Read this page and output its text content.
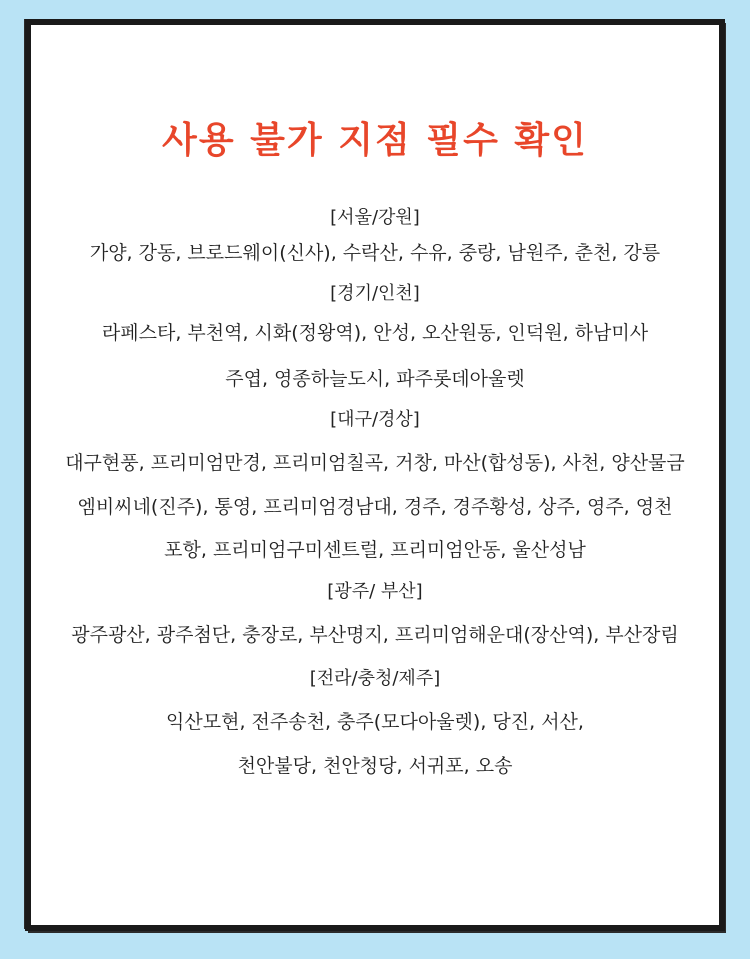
사용 불가 지점 필수 확인
[서울/강원]
가양, 강동, 브로드웨이(신사), 수락산, 수유, 중랑, 남원주, 춘천, 강릉
[경기/인천]
라페스타, 부천역, 시화(정왕역), 안성, 오산원동, 인덕원, 하남미사
주엽, 영종하늘도시, 파주롯데아울렛
[대구/경상]
대구현풍, 프리미엄만경, 프리미엄칠곡, 거창, 마산(합성동), 사천, 양산물금
엠비씨네(진주), 통영, 프리미엄경남대, 경주, 경주황성, 상주, 영주, 영천
포항, 프리미엄구미센트럴, 프리미엄안동, 울산성남
[광주/ 부산]
광주광산, 광주첨단, 충장로, 부산명지, 프리미엄해운대(장산역), 부산장림
[전라/충청/제주]
익산모현, 전주송천, 충주(모다아울렛), 당진, 서산,
천안불당, 천안청당, 서귀포, 오송
